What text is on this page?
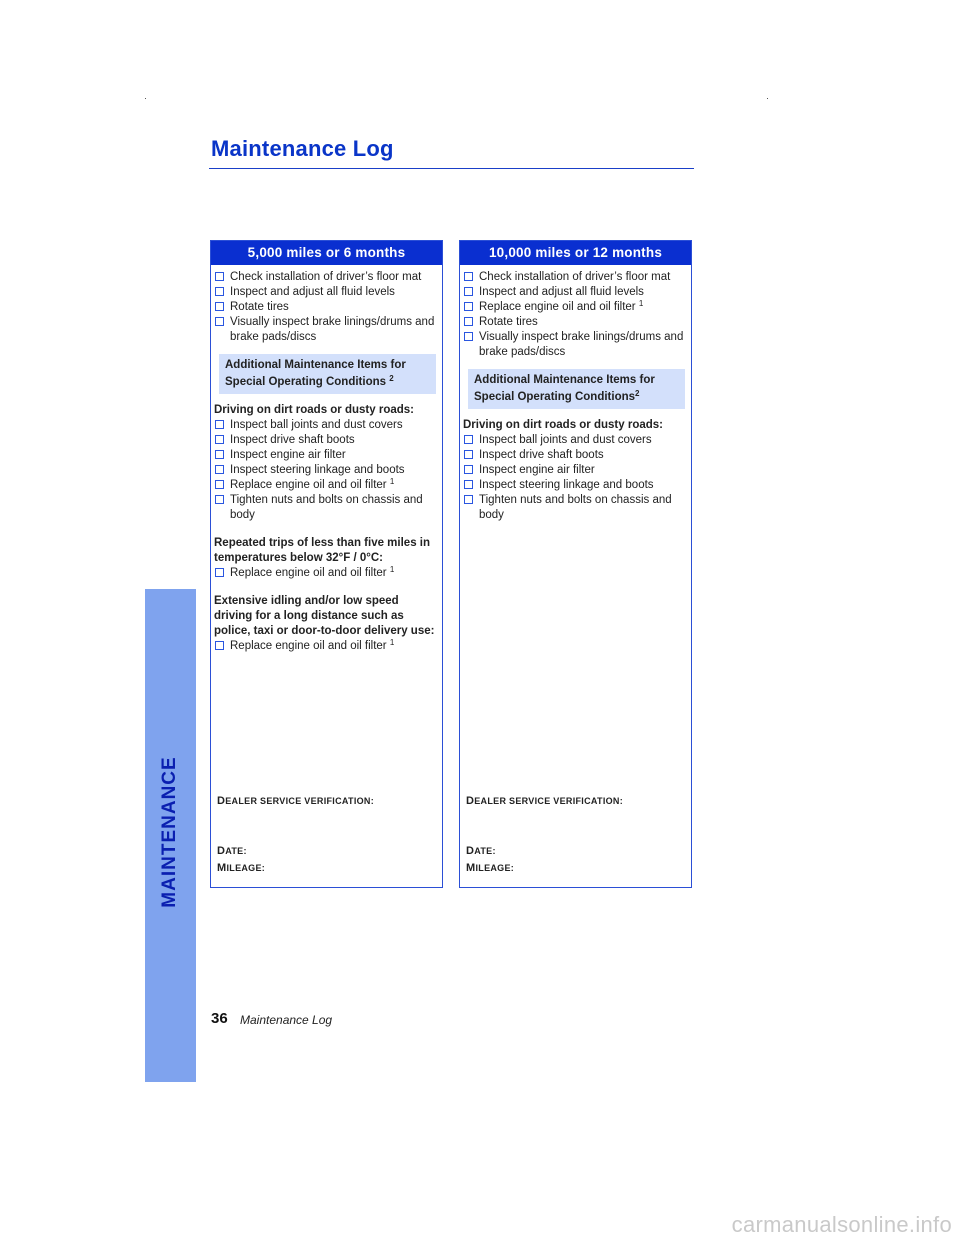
MAINTENANCE
Maintenance Log
5,000 miles or 6 months
Check installation of driver’s floor mat
Inspect and adjust all fluid levels
Rotate tires
Visually inspect brake linings/drums and brake pads/discs
Additional Maintenance Items for
Special Operating Conditions $^2$
Driving on dirt roads or dusty roads:
Inspect ball joints and dust covers
Inspect drive shaft boots
Inspect engine air filter
Inspect steering linkage and boots
Replace engine oil and oil filter $^1$
Tighten nuts and bolts on chassis and body
Repeated trips of less than five miles in temperatures below 32°F / 0°C:
Replace engine oil and oil filter $^1$
Extensive idling and/or low speed driving for a long distance such as police, taxi or door-to-door delivery use:
Replace engine oil and oil filter $^1$
DEALER SERVICE VERIFICATION:
DATE:
MILEAGE:
10,000 miles or 12 months
Check installation of driver’s floor mat
Inspect and adjust all fluid levels
Replace engine oil and oil filter $^1$
Rotate tires
Visually inspect brake linings/drums and brake pads/discs
Additional Maintenance Items for
Special Operating Conditions$^2$
Driving on dirt roads or dusty roads:
Inspect ball joints and dust covers
Inspect drive shaft boots
Inspect engine air filter
Inspect steering linkage and boots
Tighten nuts and bolts on chassis and body
DEALER SERVICE VERIFICATION:
DATE:
MILEAGE:
36 Maintenance Log
carmanualsonline.info
